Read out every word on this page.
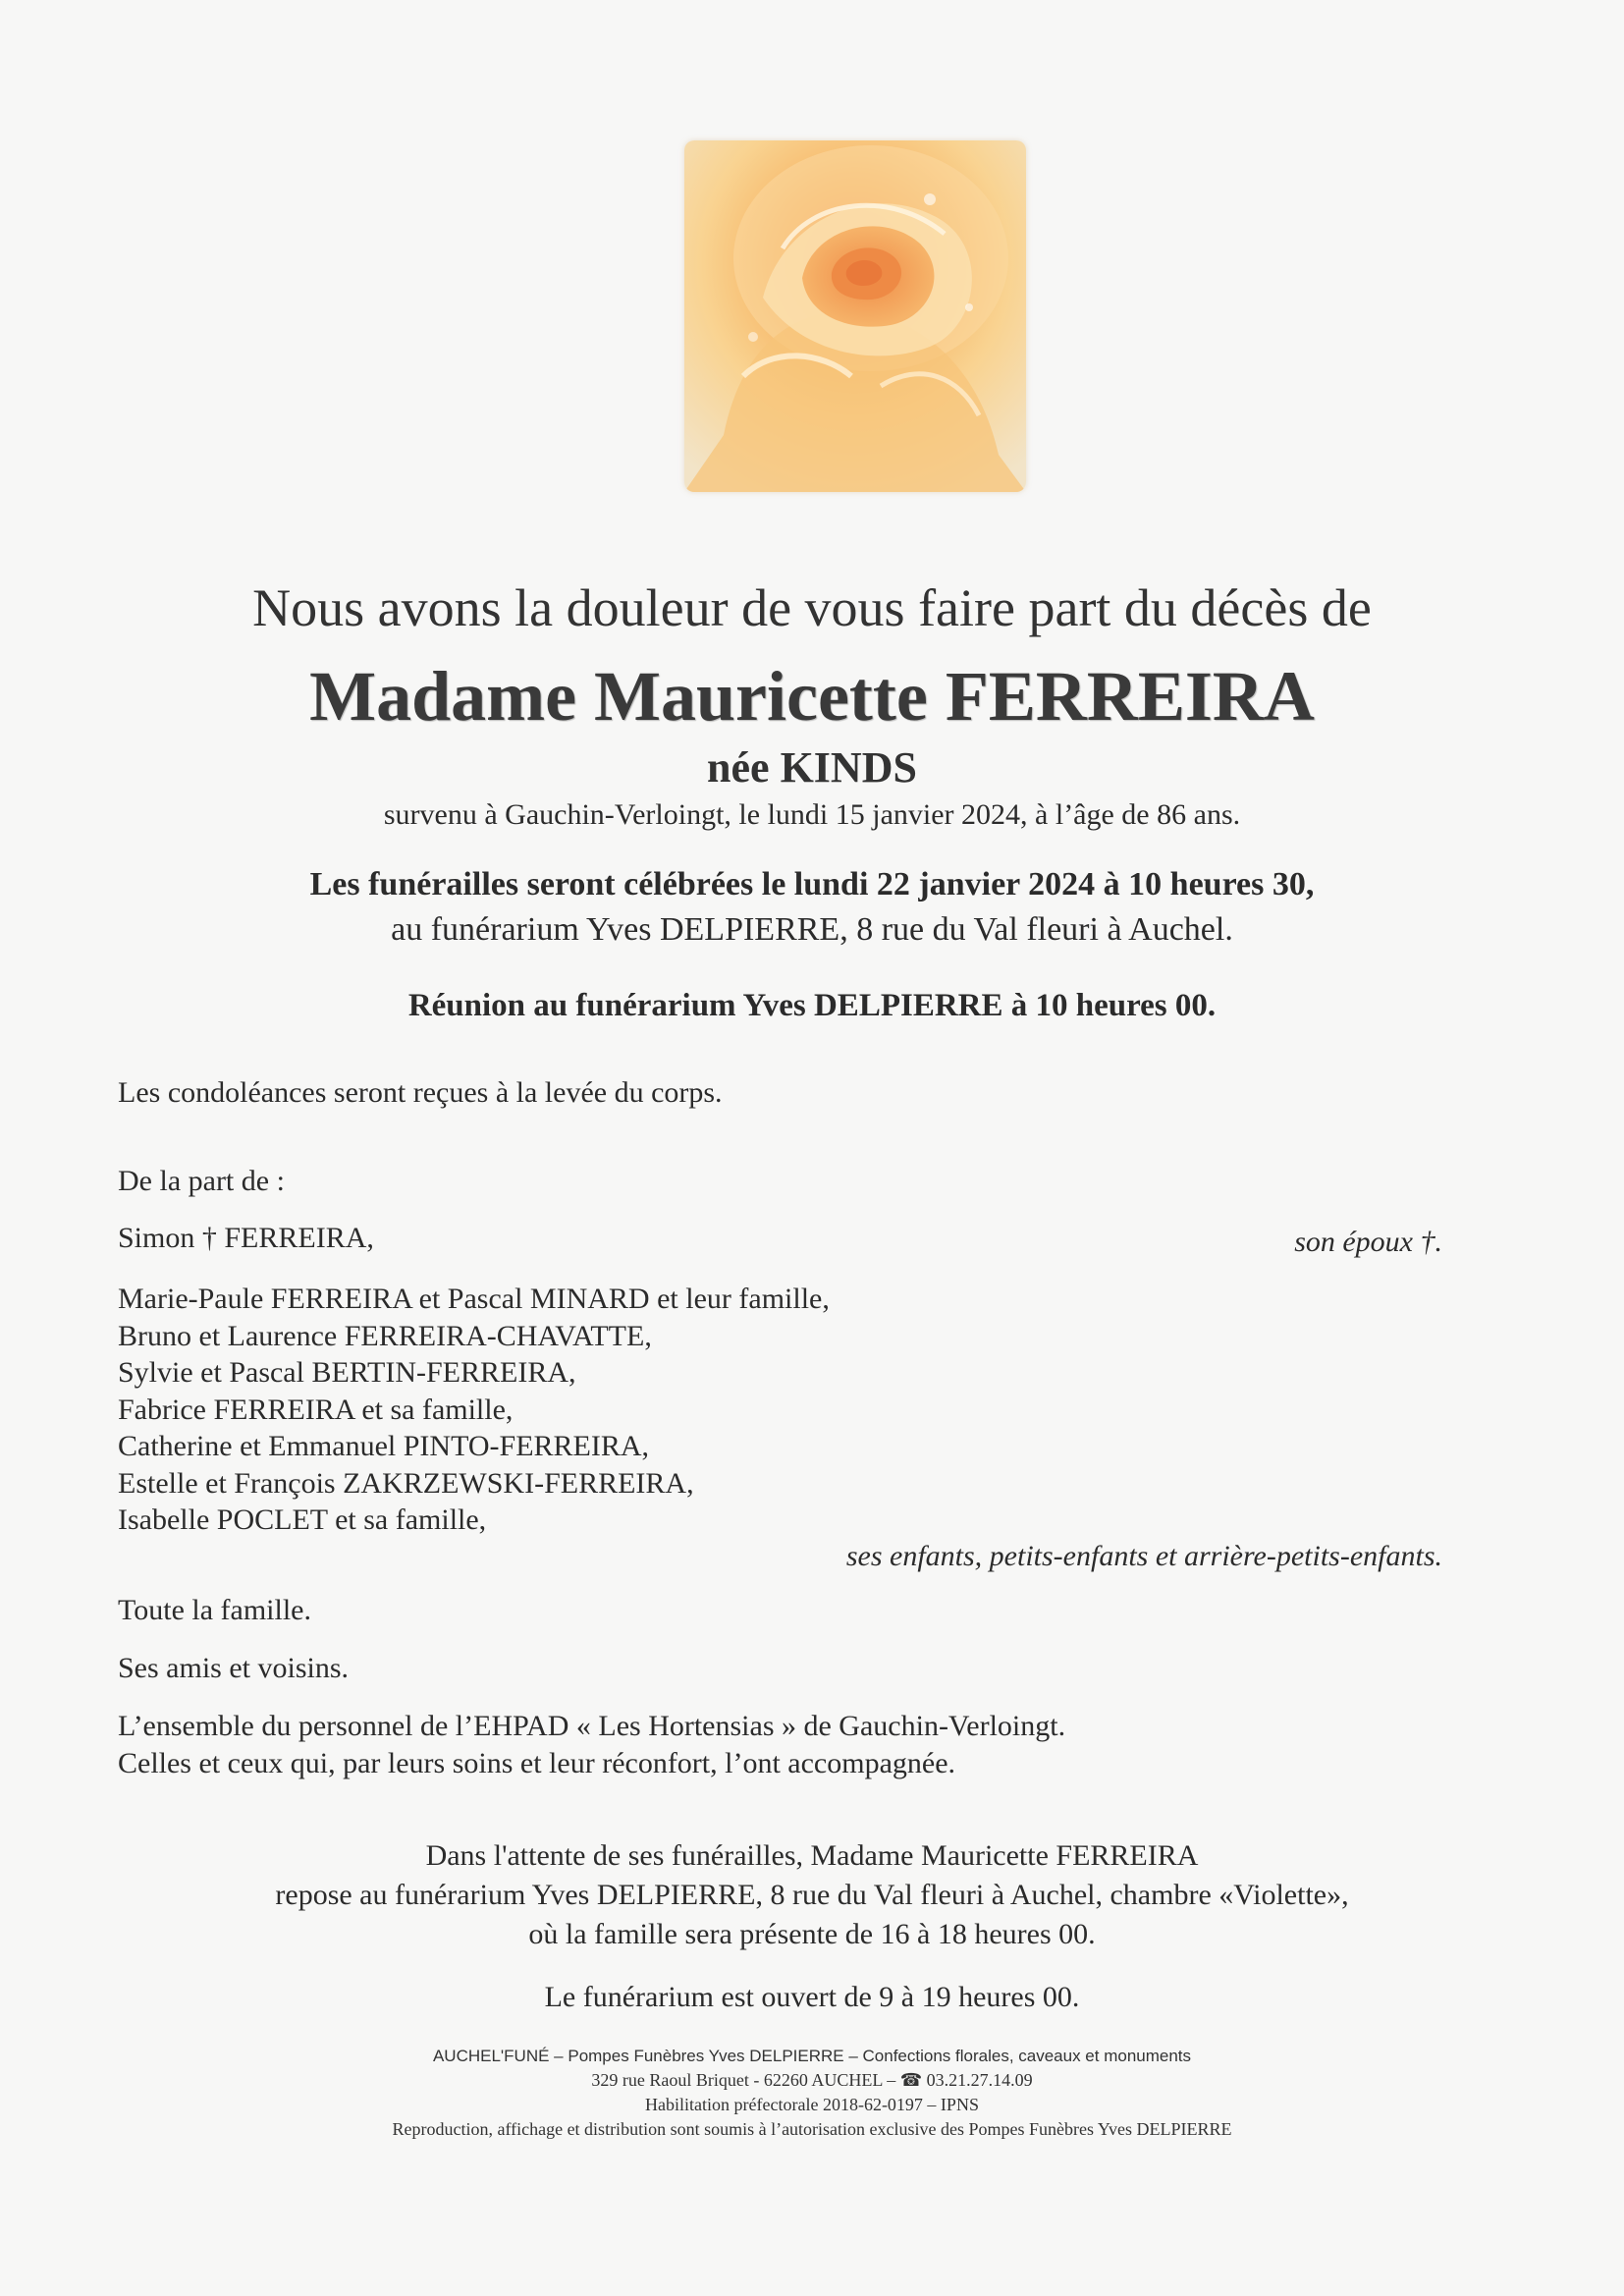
Nous avons la douleur de vous faire part du décès de
Madame Mauricette FERREIRA
née KINDS
survenu à Gauchin-Verloingt, le lundi 15 janvier 2024, à l’âge de 86 ans.
Les funérailles seront célébrées le lundi 22 janvier 2024 à 10 heures 30,
au funérarium Yves DELPIERRE, 8 rue du Val fleuri à Auchel.
Réunion au funérarium Yves DELPIERRE à 10 heures 00.
Les condoléances seront reçues à la levée du corps.
De la part de :
Simon † FERREIRA,	son époux †.
Marie-Paule FERREIRA et Pascal MINARD et leur famille,
Bruno et Laurence FERREIRA-CHAVATTE,
Sylvie et Pascal BERTIN-FERREIRA,
Fabrice FERREIRA et sa famille,
Catherine et Emmanuel PINTO-FERREIRA,
Estelle et François ZAKRZEWSKI-FERREIRA,
Isabelle POCLET et sa famille,
ses enfants, petits-enfants et arrière-petits-enfants.
Toute la famille.
Ses amis et voisins.
L’ensemble du personnel de l’EHPAD « Les Hortensias » de Gauchin-Verloingt.
Celles et ceux qui, par leurs soins et leur réconfort, l’ont accompagnée.
Dans l'attente de ses funérailles, Madame Mauricette FERREIRA
repose au funérarium Yves DELPIERRE, 8 rue du Val fleuri à Auchel, chambre «Violette»,
où la famille sera présente de 16 à 18 heures 00.
Le funérarium est ouvert de 9 à 19 heures 00.
AUCHEL'FUNÉ – Pompes Funèbres Yves DELPIERRE – Confections florales, caveaux et monuments
329 rue Raoul Briquet - 62260 AUCHEL – ☎ 03.21.27.14.09
Habilitation préfectorale 2018-62-0197 – IPNS
Reproduction, affichage et distribution sont soumis à l’autorisation exclusive des Pompes Funèbres Yves DELPIERRE
